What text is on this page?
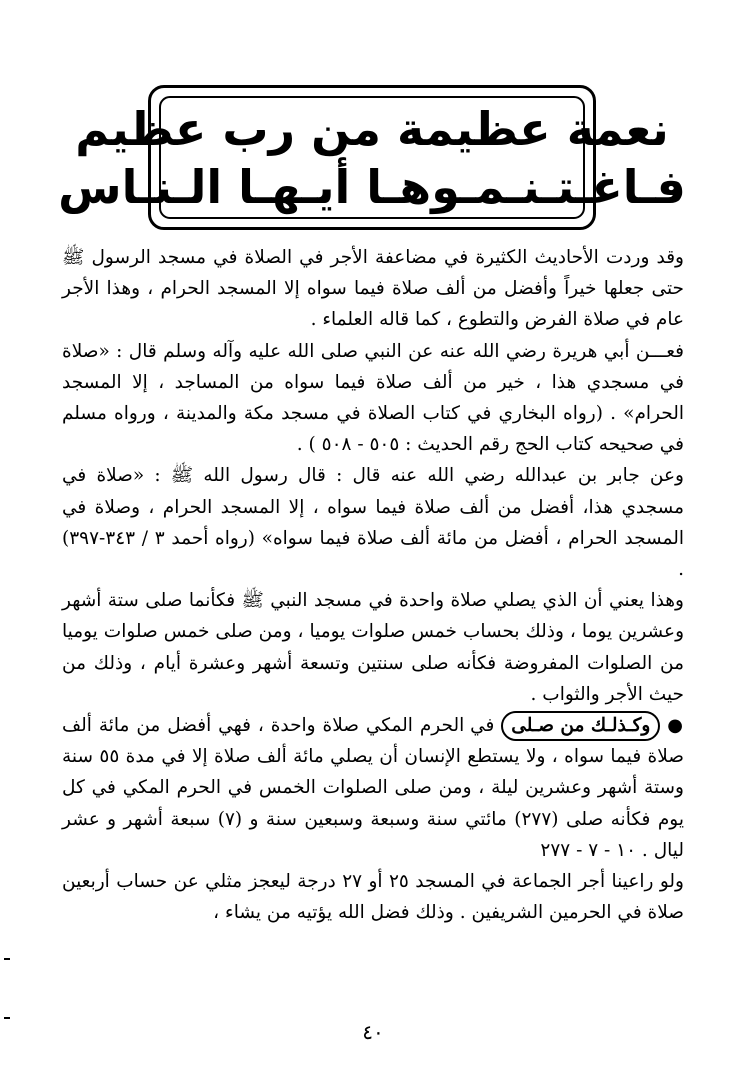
نعمة عظيمة من رب عظيم
فـاغـتـنـمـوهـا أيـهـا الـنـاس

وقد وردت الأحاديث الكثيرة في مضاعفة الأجر في الصلاة في مسجد الرسول ﷺ حتى جعلها خيراً وأفضل من ألف صلاة فيما سواه إلا المسجد الحرام ، وهذا الأجر عام في صلاة الفرض والتطوع ، كما قاله العلماء .

فعـــن أبي هريرة رضي الله عنه عن النبي صلى الله عليه وآله وسلم قال : «صلاة في مسجدي هذا ، خير من ألف صلاة فيما سواه من المساجد ، إلا المسجد الحرام» . (رواه البخاري في كتاب الصلاة في مسجد مكة والمدينة ، ورواه مسلم في صحيحه كتاب الحج رقم الحديث : ٥٠٥ - ٥٠٨ ) .

وعن جابر بن عبدالله رضي الله عنه قال : قال رسول الله ﷺ : «صلاة في مسجدي هذا، أفضل من ألف صلاة فيما سواه ، إلا المسجد الحرام ، وصلاة في المسجد الحرام ، أفضل من مائة ألف صلاة فيما سواه» (رواه أحمد ٣ / ٣٤٣-٣٩٧) .

وهذا يعني أن الذي يصلي صلاة واحدة في مسجد النبي ﷺ فكأنما صلى ستة أشهر وعشرين يوما ، وذلك بحساب خمس صلوات يوميا ، ومن صلى خمس صلوات يوميا من الصلوات المفروضة فكأنه صلى سنتين وتسعة أشهر وعشرة أيام ، وذلك من حيث الأجر والثواب .

● وكـذلـك من صـلى في الحرم المكي صلاة واحدة ، فهي أفضل من مائة ألف صلاة فيما سواه ، ولا يستطع الإنسان أن يصلي مائة ألف صلاة إلا في مدة ٥٥ سنة وستة أشهر وعشرين ليلة ، ومن صلى الصلوات الخمس في الحرم المكي في كل يوم فكأنه صلى (٢٧٧) مائتي سنة وسبعة وسبعين سنة و (٧) سبعة أشهر و عشر ليال . ١٠ - ٧ - ٢٧٧

ولو راعينا أجر الجماعة في المسجد ٢٥ أو ٢٧ درجة ليعجز مثلي عن حساب أربعين صلاة في الحرمين الشريفين . وذلك فضل الله يؤتيه من يشاء ،

٤٠
